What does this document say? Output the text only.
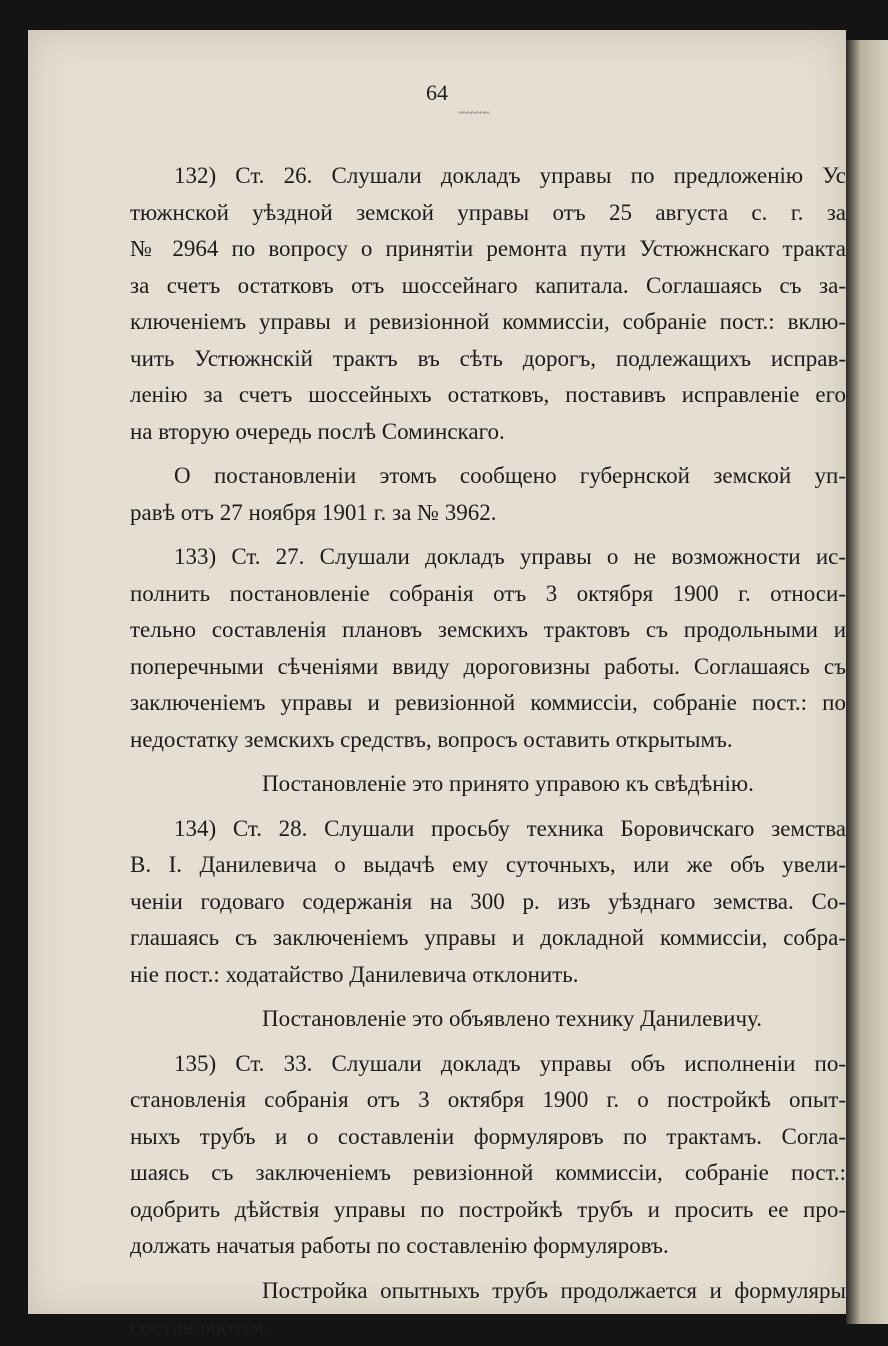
64
~~~~~~~

132) Ст. 26. Слушали докладъ управы по предложенію Ус
тюжнской уѣздной земской управы отъ 25 августа с. г. за
№ 2964 по вопросу о принятіи ремонта пути Устюжнскаго тракта
за счетъ остатковъ отъ шоссейнаго капитала. Соглашаясь съ за-
ключеніемъ управы и ревизіонной коммиссіи, собраніе пост.: вклю-
чить Устюжнскій трактъ въ сѣть дорогъ, подлежащихъ исправ-
ленію за счетъ шоссейныхъ остатковъ, поставивъ исправленіе его
на вторую очередь послѣ Соминскаго.

О постановленіи этомъ сообщено губернской земской уп-
равѣ отъ 27 ноября 1901 г. за № 3962.

133) Ст. 27. Слушали докладъ управы о не возможности ис-
полнить постановленіе собранія отъ 3 октября 1900 г. относи-
тельно составленія плановъ земскихъ трактовъ съ продольными и
поперечными сѣченіями ввиду дороговизны работы. Соглашаясь съ
заключеніемъ управы и ревизіонной коммиссіи, собраніе пост.: по
недостатку земскихъ средствъ, вопросъ оставить открытымъ.

Постановленіе это принято управою къ свѣдѣнію.

134) Ст. 28. Слушали просьбу техника Боровичскаго земства
В. І. Данилевича о выдачѣ ему суточныхъ, или же объ увели-
ченіи годоваго содержанія на 300 р. изъ уѣзднаго земства. Со-
глашаясь съ заключеніемъ управы и докладной коммиссіи, собра-
ніе пост.: ходатайство Данилевича отклонить.

Постановленіе это объявлено технику Данилевичу.

135) Ст. 33. Слушали докладъ управы объ исполненіи по-
становленія собранія отъ 3 октября 1900 г. о постройкѣ опыт-
ныхъ трубъ и о составленіи формуляровъ по трактамъ. Согла-
шаясь съ заключеніемъ ревизіонной коммиссіи, собраніе пост.:
одобрить дѣйствія управы по постройкѣ трубъ и просить ее про-
должать начатыя работы по составленію формуляровъ.

Постройка опытныхъ трубъ продолжается и формуляры
составляются.
